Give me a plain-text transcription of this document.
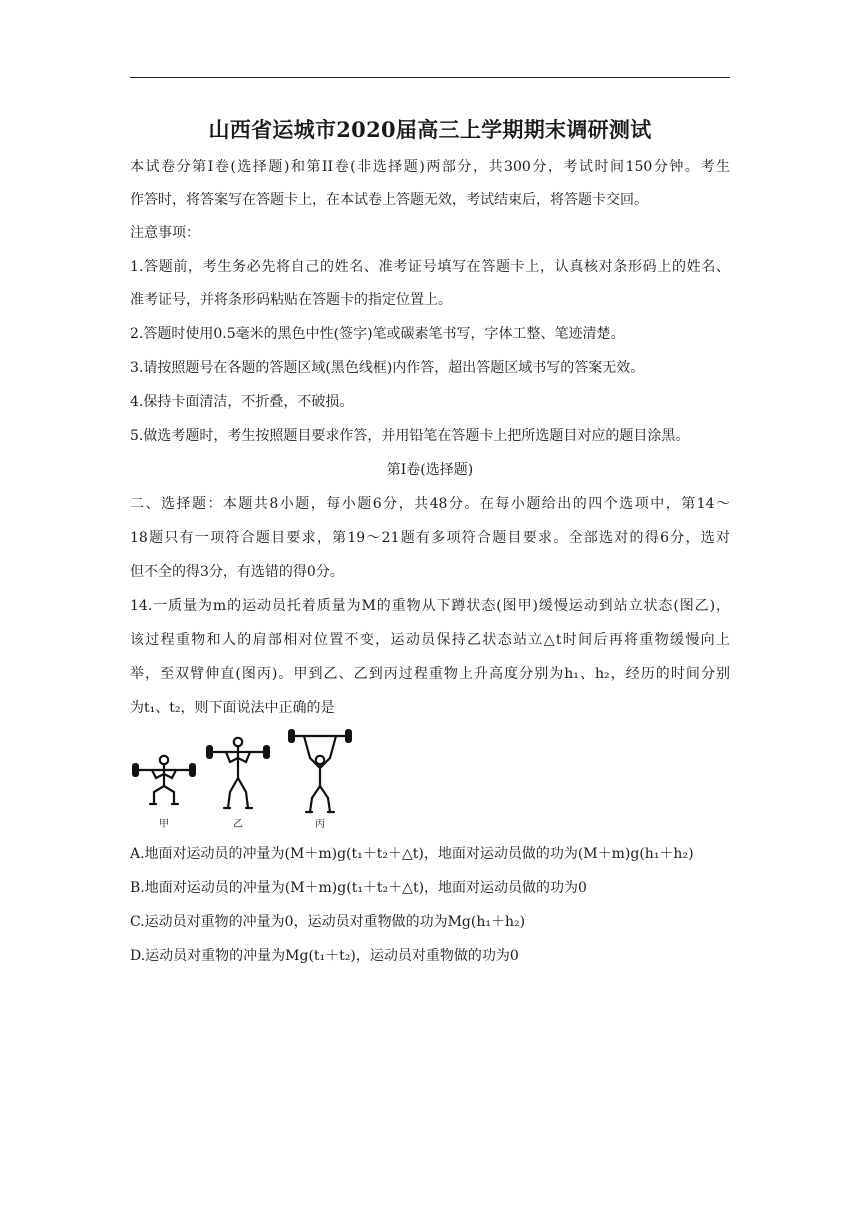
山西省运城市2020届高三上学期期末调研测试
本试卷分第I卷(选择题)和第II卷(非选择题)两部分，共300分，考试时间150分钟。考生
作答时，将答案写在答题卡上，在本试卷上答题无效，考试结束后，将答题卡交回。
注意事项：
1.答题前，考生务必先将自己的姓名、准考证号填写在答题卡上，认真核对条形码上的姓名、
准考证号，并将条形码粘贴在答题卡的指定位置上。
2.答题时使用0.5毫米的黑色中性(签字)笔或碳素笔书写，字体工整、笔迹清楚。
3.请按照题号在各题的答题区域(黑色线框)内作答，超出答题区域书写的答案无效。
4.保持卡面清洁，不折叠，不破损。
5.做选考题时，考生按照题目要求作答，并用铅笔在答题卡上把所选题目对应的题目涂黑。
第I卷(选择题)
二、选择题：本题共8小题，每小题6分，共48分。在每小题给出的四个选项中，第14～
18题只有一项符合题目要求，第19～21题有多项符合题目要求。全部选对的得6分，选对
但不全的得3分，有选错的得0分。
14.一质量为m的运动员托着质量为M的重物从下蹲状态(图甲)缓慢运动到站立状态(图乙)，
该过程重物和人的肩部相对位置不变，运动员保持乙状态站立△t时间后再将重物缓慢向上
举，至双臂伸直(图丙)。甲到乙、乙到丙过程重物上升高度分别为h₁、h₂，经历的时间分别
为t₁、t₂，则下面说法中正确的是
甲	乙	丙
A.地面对运动员的冲量为(M＋m)g(t₁＋t₂＋△t)，地面对运动员做的功为(M＋m)g(h₁＋h₂)
B.地面对运动员的冲量为(M＋m)g(t₁＋t₂＋△t)，地面对运动员做的功为0
C.运动员对重物的冲量为0，运动员对重物做的功为Mg(h₁＋h₂)
D.运动员对重物的冲量为Mg(t₁＋t₂)，运动员对重物做的功为0
